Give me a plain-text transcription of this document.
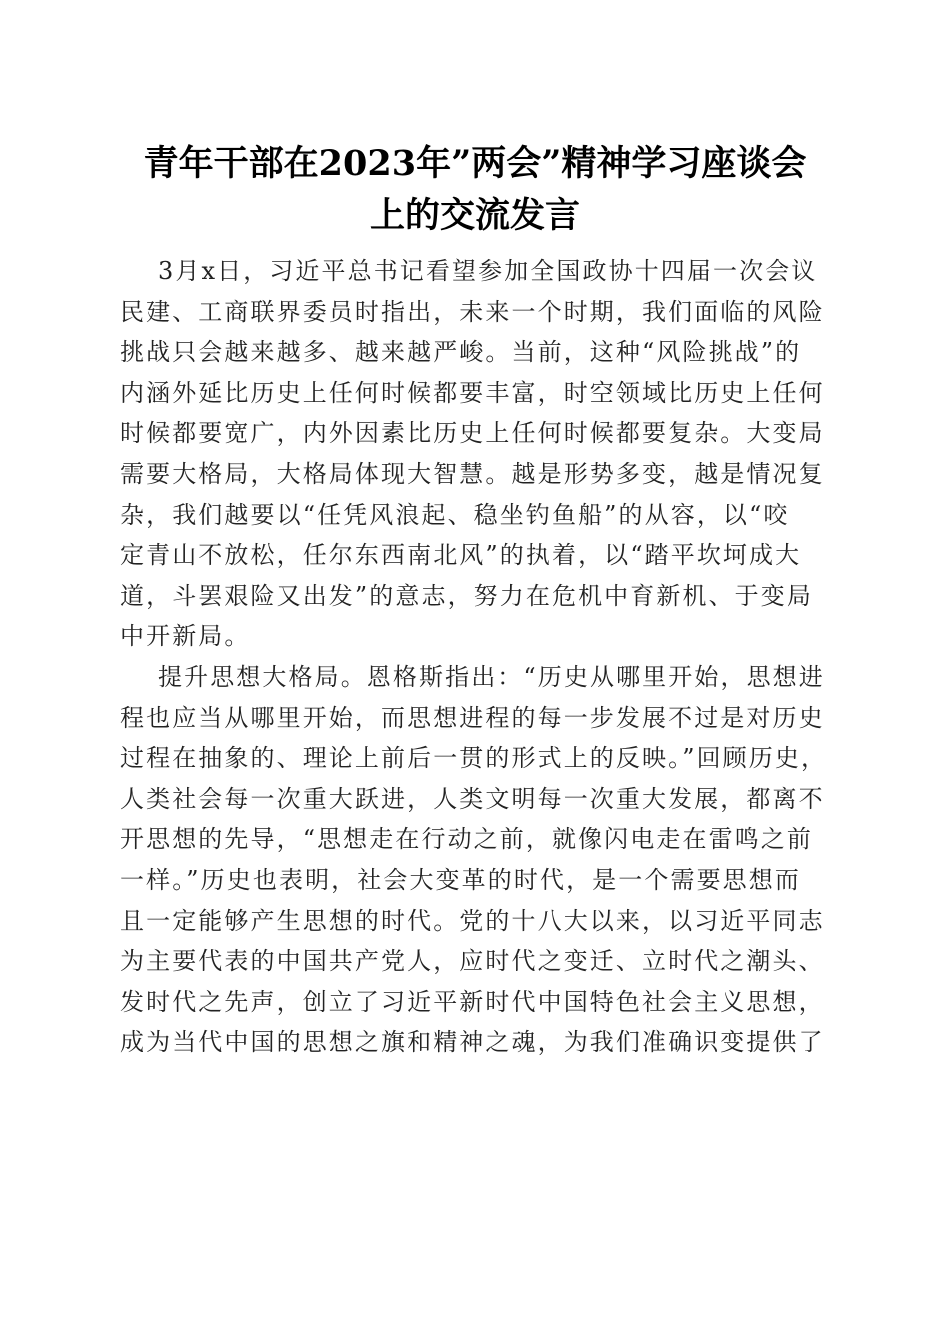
青年干部在2023年”两会”精神学习座谈会
上的交流发言
3月x日，习近平总书记看望参加全国政协十四届一次会议
民建、工商联界委员时指出，未来一个时期，我们面临的风险
挑战只会越来越多、越来越严峻。当前，这种“风险挑战”的
内涵外延比历史上任何时候都要丰富，时空领域比历史上任何
时候都要宽广，内外因素比历史上任何时候都要复杂。大变局
需要大格局，大格局体现大智慧。越是形势多变，越是情况复
杂，我们越要以“任凭风浪起、稳坐钓鱼船”的从容，以“咬
定青山不放松，任尔东西南北风”的执着，以“踏平坎坷成大
道，斗罢艰险又出发”的意志，努力在危机中育新机、于变局
中开新局。
提升思想大格局。恩格斯指出：“历史从哪里开始，思想进
程也应当从哪里开始，而思想进程的每一步发展不过是对历史
过程在抽象的、理论上前后一贯的形式上的反映。”回顾历史，
人类社会每一次重大跃进，人类文明每一次重大发展，都离不
开思想的先导，“思想走在行动之前，就像闪电走在雷鸣之前
一样。”历史也表明，社会大变革的时代，是一个需要思想而
且一定能够产生思想的时代。党的十八大以来，以习近平同志
为主要代表的中国共产党人，应时代之变迁、立时代之潮头、
发时代之先声，创立了习近平新时代中国特色社会主义思想，
成为当代中国的思想之旗和精神之魂，为我们准确识变提供了
